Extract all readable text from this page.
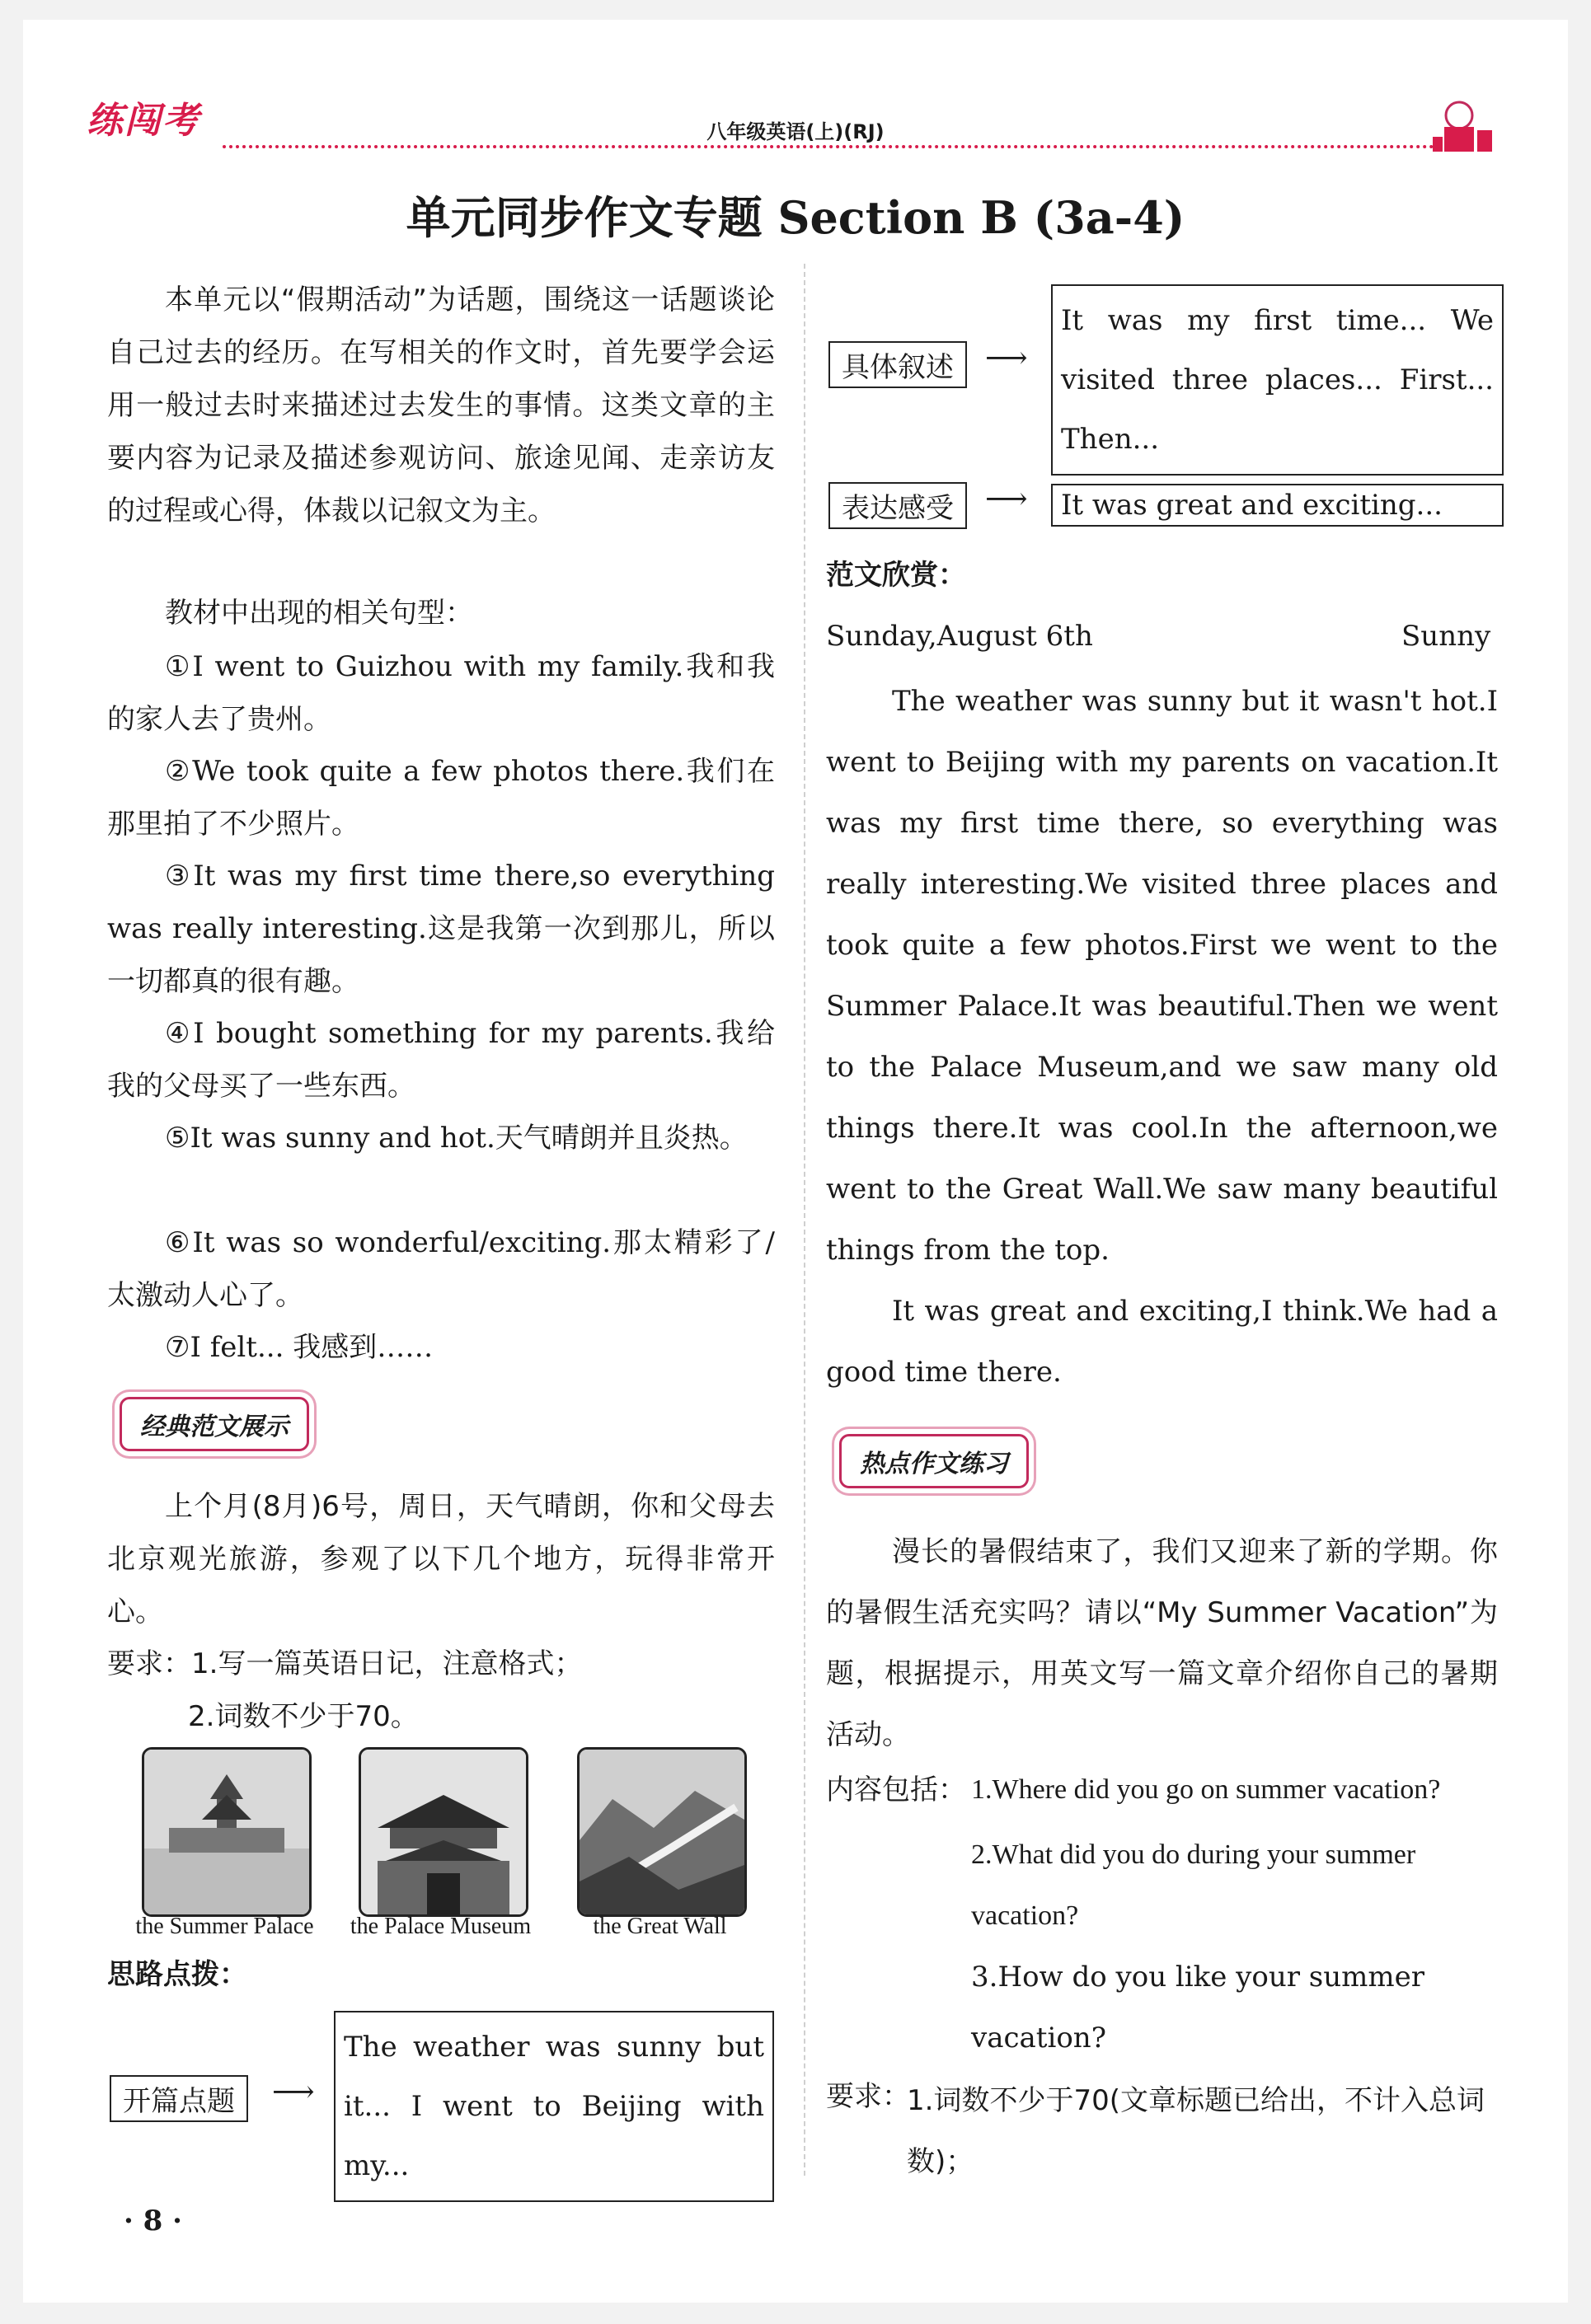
练闯考	八年级英语(上)(RJ)
单元同步作文专题 Section B (3a-4)
本单元以“假期活动”为话题，围绕这一话题谈论自己过去的经历。在写相关的作文时，首先要学会运用一般过去时来描述过去发生的事情。这类文章的主要内容为记录及描述参观访问、旅途见闻、走亲访友的过程或心得，体裁以记叙文为主。
教材中出现的相关句型：
①I went to Guizhou with my family.我和我的家人去了贵州。
②We took quite a few photos there.我们在那里拍了不少照片。
③It was my first time there,so everything was really interesting.这是我第一次到那儿，所以一切都真的很有趣。
④I bought something for my parents.我给我的父母买了一些东西。
⑤It was sunny and hot.天气晴朗并且炎热。
⑥It was so wonderful/exciting.那太精彩了/太激动人心了。
⑦I felt... 我感到……
经典范文展示
上个月(8月)6号，周日，天气晴朗，你和父母去北京观光旅游，参观了以下几个地方，玩得非常开心。
要求：1.写一篇英语日记，注意格式；
2.词数不少于70。
the Summer Palace	the Palace Museum	the Great Wall
思路点拨：
开篇点题	⟶
The weather was sunny but it... I went to Beijing with my...
具体叙述	⟶
It was my first time... We visited three places... First... Then...
表达感受	⟶	It was great and exciting...
范文欣赏：
Sunday,August 6th	Sunny
The weather was sunny but it wasn't hot.I went to Beijing with my parents on vacation.It was my first time there, so everything was really interesting.We visited three places and took quite a few photos.First we went to the Summer Palace.It was beautiful.Then we went to the Palace Museum,and we saw many old things there.It was cool.In the afternoon,we went to the Great Wall.We saw many beautiful things from the top.
It was great and exciting,I think.We had a good time there.
热点作文练习
漫长的暑假结束了，我们又迎来了新的学期。你的暑假生活充实吗？请以“My Summer Vacation”为题，根据提示，用英文写一篇文章介绍你自己的暑期活动。
内容包括： 1.Where did you go on summer vacation?
2.What did you do during your summer vacation?
3.How do you like your summer vacation?
要求：
1.词数不少于70(文章标题已给出，不计入总词数)；
· 8 ·
